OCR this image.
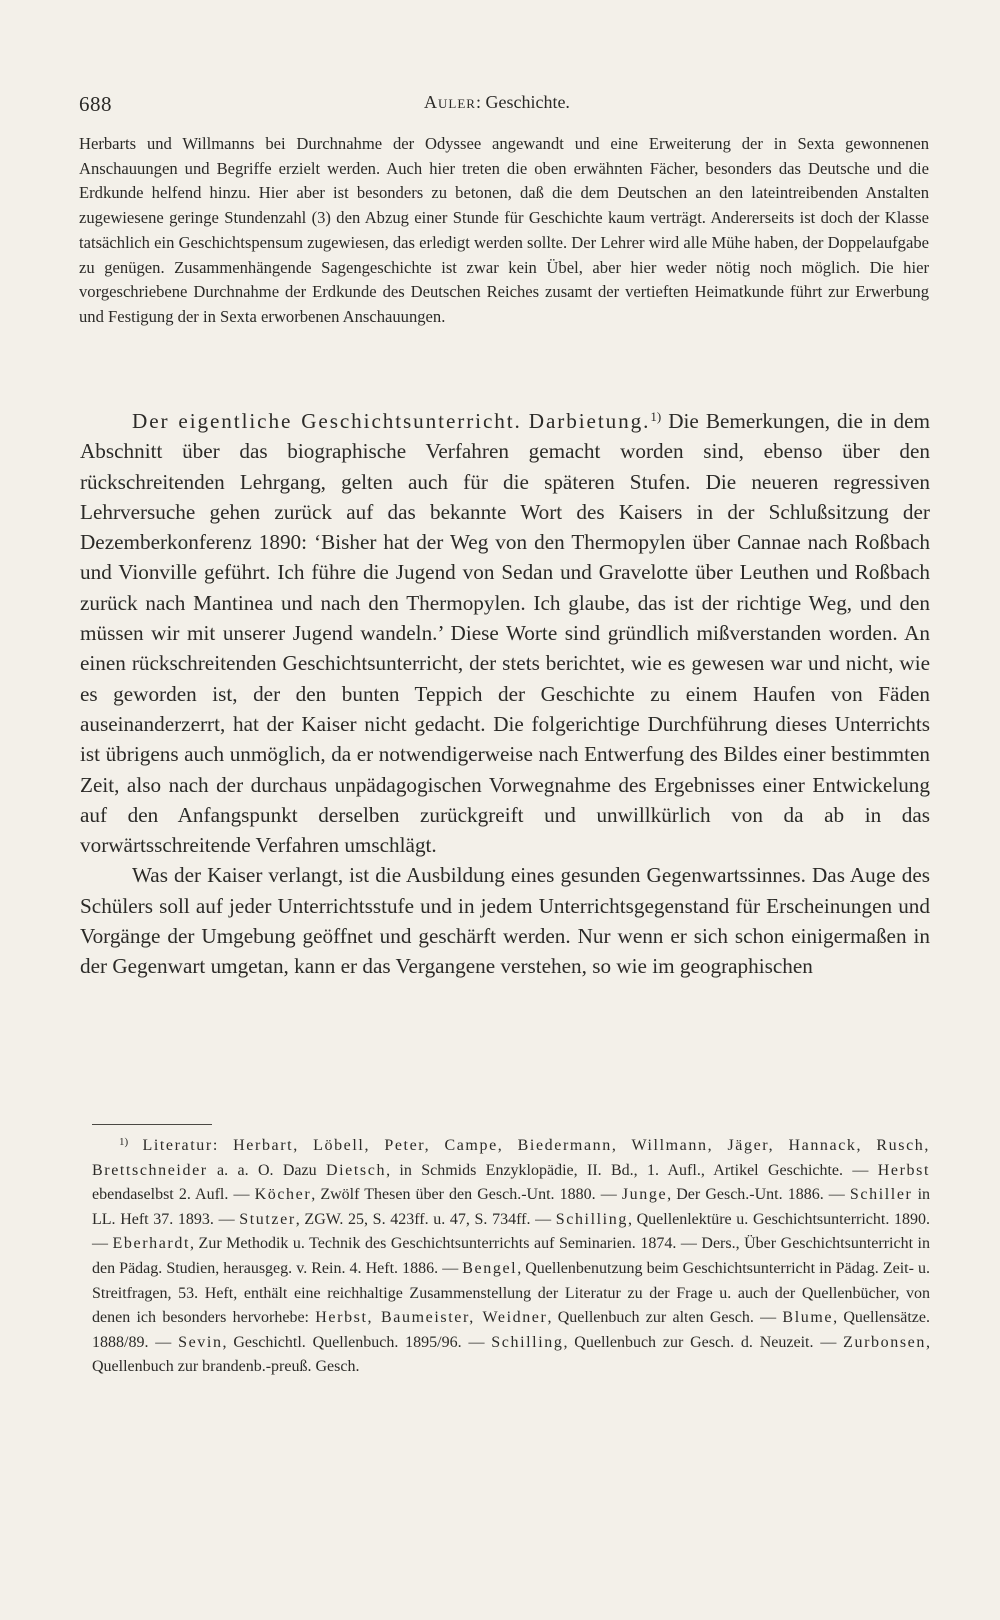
688	Auler: Geschichte.

Herbarts und Willmanns bei Durchnahme der Odyssee angewandt und eine Erweiterung der in Sexta gewonnenen Anschauungen und Begriffe erzielt werden. Auch hier treten die oben erwähnten Fächer, besonders das Deutsche und die Erdkunde helfend hinzu. Hier aber ist besonders zu betonen, daß die dem Deutschen an den lateintreibenden Anstalten zugewiesene geringe Stundenzahl (3) den Abzug einer Stunde für Geschichte kaum verträgt. Andererseits ist doch der Klasse tatsächlich ein Geschichtspensum zugewiesen, das erledigt werden sollte. Der Lehrer wird alle Mühe haben, der Doppelaufgabe zu genügen. Zusammenhängende Sagengeschichte ist zwar kein Übel, aber hier weder nötig noch möglich. Die hier vorgeschriebene Durchnahme der Erdkunde des Deutschen Reiches zusamt der vertieften Heimatkunde führt zur Erwerbung und Festigung der in Sexta erworbenen Anschauungen.

Der eigentliche Geschichtsunterricht. Darbietung.$^{1)}$ Die Bemerkungen, die in dem Abschnitt über das biographische Verfahren gemacht worden sind, ebenso über den rückschreitenden Lehrgang, gelten auch für die späteren Stufen. Die neueren regressiven Lehrversuche gehen zurück auf das bekannte Wort des Kaisers in der Schlußsitzung der Dezemberkonferenz 1890: ‘Bisher hat der Weg von den Thermopylen über Cannae nach Roßbach und Vionville geführt. Ich führe die Jugend von Sedan und Gravelotte über Leuthen und Roßbach zurück nach Mantinea und nach den Thermopylen. Ich glaube, das ist der richtige Weg, und den müssen wir mit unserer Jugend wandeln.’ Diese Worte sind gründlich mißverstanden worden. An einen rückschreitenden Geschichtsunterricht, der stets berichtet, wie es gewesen war und nicht, wie es geworden ist, der den bunten Teppich der Geschichte zu einem Haufen von Fäden auseinanderzerrt, hat der Kaiser nicht gedacht. Die folgerichtige Durchführung dieses Unterrichts ist übrigens auch unmöglich, da er notwendigerweise nach Entwerfung des Bildes einer bestimmten Zeit, also nach der durchaus unpädagogischen Vorwegnahme des Ergebnisses einer Entwickelung auf den Anfangspunkt derselben zurückgreift und unwillkürlich von da ab in das vorwärtsschreitende Verfahren umschlägt.

Was der Kaiser verlangt, ist die Ausbildung eines gesunden Gegenwartssinnes. Das Auge des Schülers soll auf jeder Unterrichtsstufe und in jedem Unterrichtsgegenstand für Erscheinungen und Vorgänge der Umgebung geöffnet und geschärft werden. Nur wenn er sich schon einigermaßen in der Gegenwart umgetan, kann er das Vergangene verstehen, so wie im geographischen

$^{1)}$ Literatur: Herbart, Löbell, Peter, Campe, Biedermann, Willmann, Jäger, Hannack, Rusch, Brettschneider a. a. O. Dazu Dietsch, in Schmids Enzyklopädie, II. Bd., 1. Aufl., Artikel Geschichte. — Herbst ebendaselbst 2. Aufl. — Köcher, Zwölf Thesen über den Gesch.-Unt. 1880. — Junge, Der Gesch.-Unt. 1886. — Schiller in LL. Heft 37. 1893. — Stutzer, ZGW. 25, S. 423ff. u. 47, S. 734ff. — Schilling, Quellenlektüre u. Geschichtsunterricht. 1890. — Eberhardt, Zur Methodik u. Technik des Geschichtsunterrichts auf Seminarien. 1874. — Ders., Über Geschichtsunterricht in den Pädag. Studien, herausgeg. v. Rein. 4. Heft. 1886. — Bengel, Quellenbenutzung beim Geschichtsunterricht in Pädag. Zeit- u. Streitfragen, 53. Heft, enthält eine reichhaltige Zusammenstellung der Literatur zu der Frage u. auch der Quellenbücher, von denen ich besonders hervorhebe: Herbst, Baumeister, Weidner, Quellenbuch zur alten Gesch. — Blume, Quellensätze. 1888/89. — Sevin, Geschichtl. Quellenbuch. 1895/96. — Schilling, Quellenbuch zur Gesch. d. Neuzeit. — Zurbonsen, Quellenbuch zur brandenb.-preuß. Gesch.
